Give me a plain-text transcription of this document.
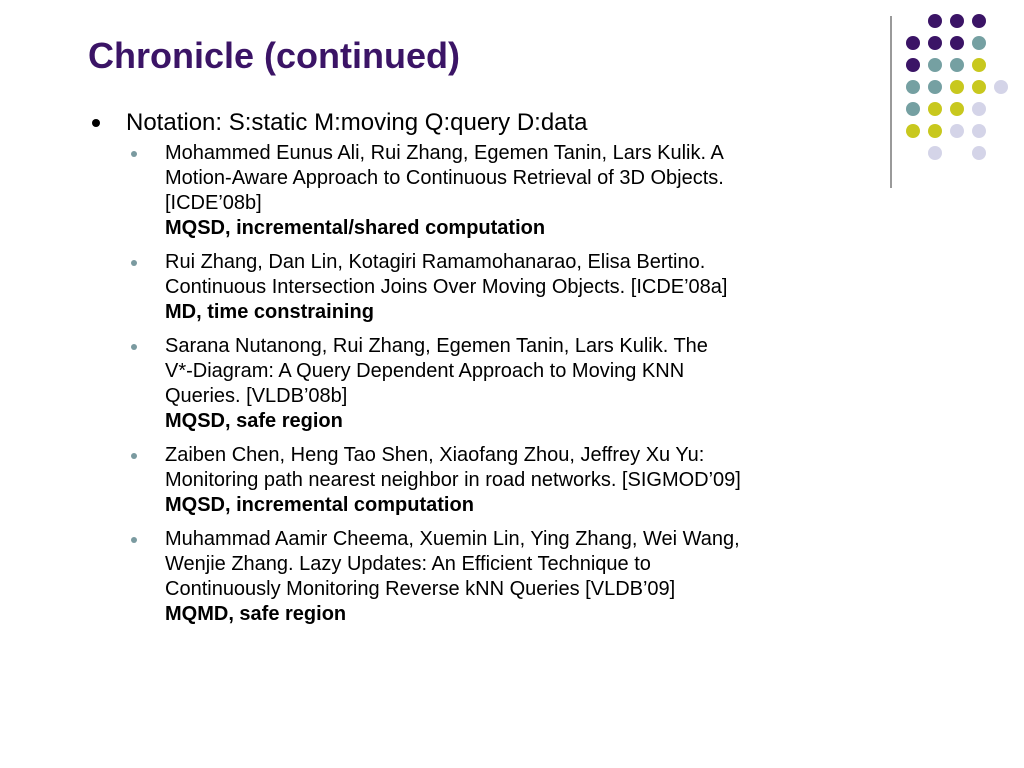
Chronicle (continued)
Notation: S:static M:moving Q:query D:data
Mohammed Eunus Ali, Rui Zhang, Egemen Tanin, Lars Kulik. A
Motion-Aware Approach to Continuous Retrieval of 3D Objects.
[ICDE’08b]
MQSD, incremental/shared computation
Rui Zhang, Dan Lin, Kotagiri Ramamohanarao, Elisa Bertino.
Continuous Intersection Joins Over Moving Objects. [ICDE’08a]
MD, time constraining
Sarana Nutanong, Rui Zhang, Egemen Tanin, Lars Kulik. The
V*-Diagram: A Query Dependent Approach to Moving KNN
Queries. [VLDB’08b]
MQSD, safe region
Zaiben Chen, Heng Tao Shen, Xiaofang Zhou, Jeffrey Xu Yu:
Monitoring path nearest neighbor in road networks. [SIGMOD’09]
MQSD, incremental computation
Muhammad Aamir Cheema, Xuemin Lin, Ying Zhang, Wei Wang,
Wenjie Zhang. Lazy Updates: An Efficient Technique to
Continuously Monitoring Reverse kNN Queries [VLDB’09]
MQMD, safe region
